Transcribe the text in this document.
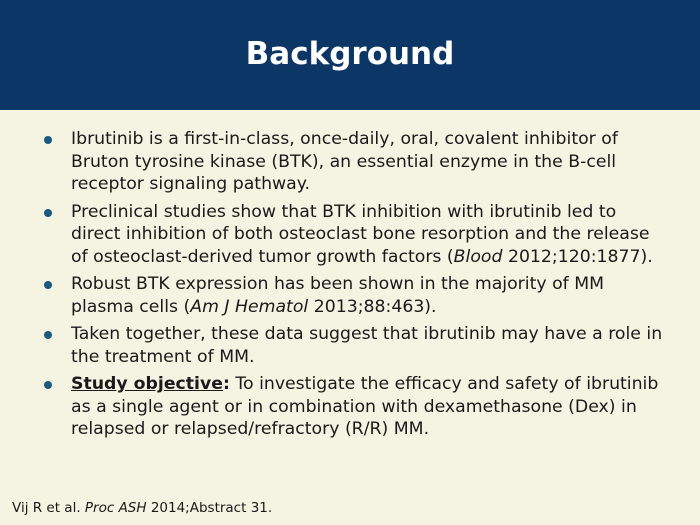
Background
Ibrutinib is a first-in-class, once-daily, oral, covalent inhibitor of Bruton tyrosine kinase (BTK), an essential enzyme in the B-cell receptor signaling pathway.
Preclinical studies show that BTK inhibition with ibrutinib led to direct inhibition of both osteoclast bone resorption and the release of osteoclast-derived tumor growth factors (Blood 2012;120:1877).
Robust BTK expression has been shown in the majority of MM plasma cells (Am J Hematol 2013;88:463).
Taken together, these data suggest that ibrutinib may have a role in the treatment of MM.
Study objective: To investigate the efficacy and safety of ibrutinib as a single agent or in combination with dexamethasone (Dex) in relapsed or relapsed/refractory (R/R) MM.
Vij R et al. Proc ASH 2014;Abstract 31.
